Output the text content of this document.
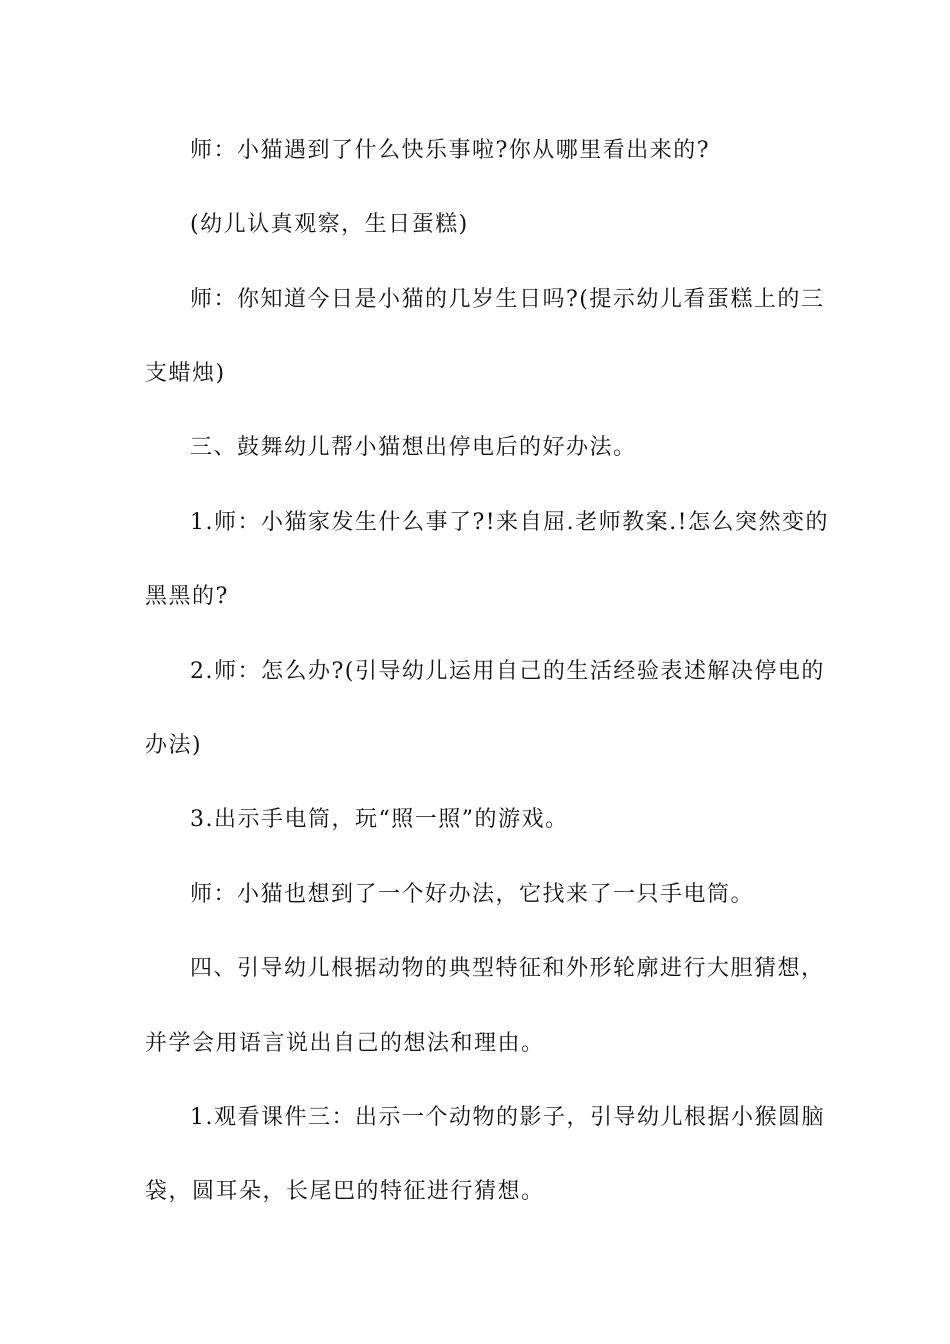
师：小猫遇到了什么快乐事啦?你从哪里看出来的?

(幼儿认真观察，生日蛋糕)

师：你知道今日是小猫的几岁生日吗?(提示幼儿看蛋糕上的三

支蜡烛)

三、鼓舞幼儿帮小猫想出停电后的好办法。

1.师：小猫家发生什么事了?!来自屈.老师教案.!怎么突然变的

黑黑的?

2.师：怎么办?(引导幼儿运用自己的生活经验表述解决停电的

办法)

3.出示手电筒，玩“照一照”的游戏。

师：小猫也想到了一个好办法，它找来了一只手电筒。

四、引导幼儿根据动物的典型特征和外形轮廓进行大胆猜想，

并学会用语言说出自己的想法和理由。

1.观看课件三：出示一个动物的影子，引导幼儿根据小猴圆脑

袋，圆耳朵，长尾巴的特征进行猜想。
